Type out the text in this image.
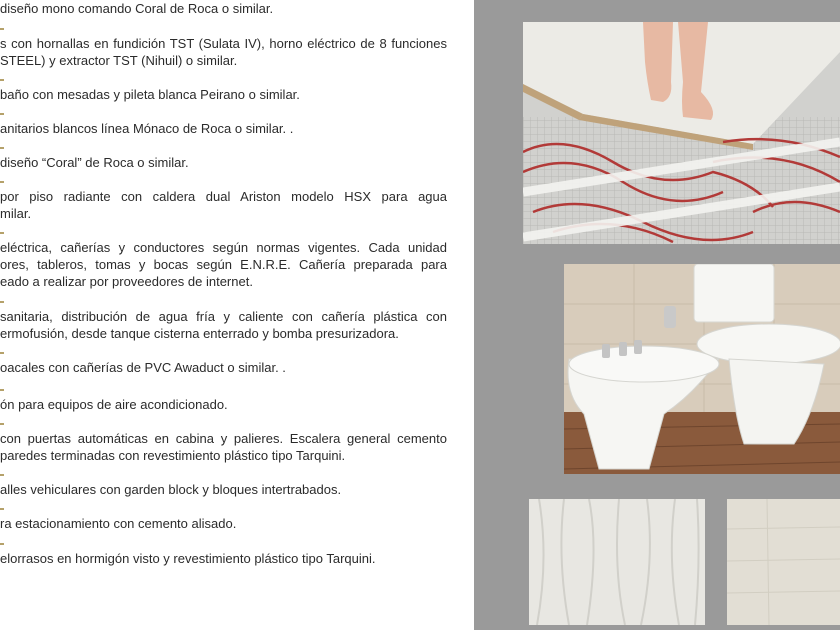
diseño mono comando Coral de Roca o similar.
s con hornallas en fundición TST (Sulata IV), horno eléctrico de 8 funciones
STEEL) y extractor TST (Nihuil) o similar.
baño con mesadas y pileta blanca Peirano o similar.
anitarios blancos línea Mónaco de Roca o similar. .
diseño “Coral” de Roca o similar.
por piso radiante con caldera dual Ariston modelo HSX para agua
milar.
eléctrica, cañerías y conductores según normas vigentes. Cada unidad
ores, tableros, tomas y bocas según E.N.R.E. Cañería preparada para
eado a realizar por proveedores de internet.
sanitaria, distribución de agua fría y caliente con cañería plástica con
ermofusión, desde tanque cisterna enterrado y bomba presurizadora.
oacales con cañerías de PVC Awaduct o similar. .
ón para equipos de aire acondicionado.
con puertas automáticas en cabina y palieres. Escalera general cemento
paredes terminadas con revestimiento plástico tipo Tarquini.
alles vehiculares con garden block y bloques intertrabados.
ra estacionamiento con cemento alisado.
elorrasos en hormigón visto y revestimiento plástico tipo Tarquini.
